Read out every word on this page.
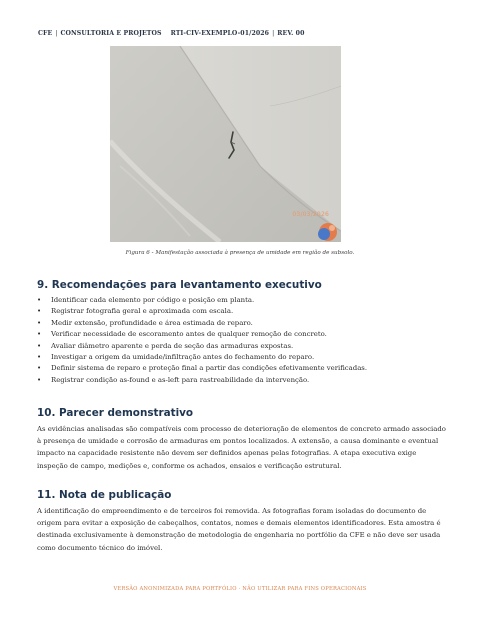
CFE | CONSULTORIA E PROJETOS RTI-CIV-EXEMPLO-01/2026 | REV. 00
03/03/2026
Figura 6 - Manifestação associada à presença de umidade em região de subsolo.
9. Recomendações para levantamento executivo
• Identificar cada elemento por código e posição em planta.
• Registrar fotografia geral e aproximada com escala.
• Medir extensão, profundidade e área estimada de reparo.
• Verificar necessidade de escoramento antes de qualquer remoção de concreto.
• Avaliar diâmetro aparente e perda de seção das armaduras expostas.
• Investigar a origem da umidade/infiltração antes do fechamento do reparo.
• Definir sistema de reparo e proteção final a partir das condições efetivamente verificadas.
• Registrar condição as-found e as-left para rastreabilidade da intervenção.
10. Parecer demonstrativo

As evidências analisadas são compatíveis com processo de deterioração de elementos de concreto armado associado à presença de umidade e corrosão de armaduras em pontos localizados. A extensão, a causa dominante e eventual impacto na capacidade resistente não devem ser definidos apenas pelas fotografias. A etapa executiva exige inspeção de campo, medições e, conforme os achados, ensaios e verificação estrutural.

11. Nota de publicação

A identificação do empreendimento e de terceiros foi removida. As fotografias foram isoladas do documento de origem para evitar a exposição de cabeçalhos, contatos, nomes e demais elementos identificadores. Esta amostra é destinada exclusivamente à demonstração de metodologia de engenharia no portfólio da CFE e não deve ser usada como documento técnico do imóvel.

VERSÃO ANONIMIZADA PARA PORTFÓLIO · NÃO UTILIZAR PARA FINS OPERACIONAIS
